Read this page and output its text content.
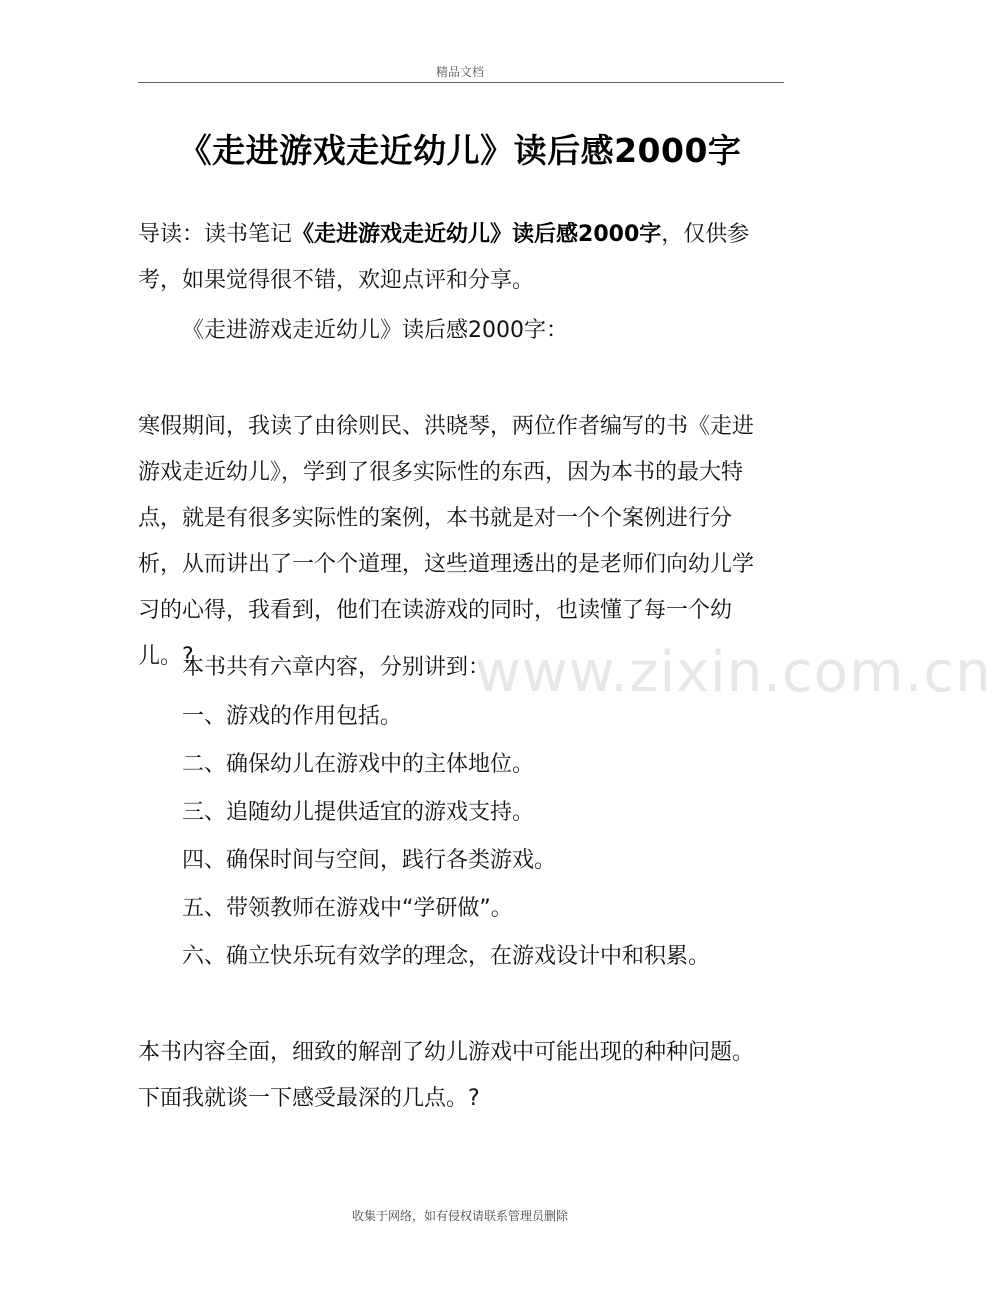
精品文档
《走进游戏走近幼儿》读后感2000字
导读：读书笔记《走进游戏走近幼儿》读后感2000字，仅供参考，如果觉得很不错，欢迎点评和分享。
《走进游戏走近幼儿》读后感2000字：
寒假期间，我读了由徐则民、洪晓琴，两位作者编写的书《走进游戏走近幼儿》，学到了很多实际性的东西，因为本书的最大特点，就是有很多实际性的案例，本书就是对一个个案例进行分析，从而讲出了一个个道理，这些道理透出的是老师们向幼儿学习的心得，我看到，他们在读游戏的同时，也读懂了每一个幼儿。?
本书共有六章内容，分别讲到：
一、游戏的作用包括。
二、确保幼儿在游戏中的主体地位。
三、追随幼儿提供适宜的游戏支持。
四、确保时间与空间，践行各类游戏。
五、带领教师在游戏中“学研做”。
六、确立快乐玩有效学的理念，在游戏设计中和积累。
本书内容全面，细致的解剖了幼儿游戏中可能出现的种种问题。下面我就谈一下感受最深的几点。?
www.zixin.com.cn
收集于网络，如有侵权请联系管理员删除
